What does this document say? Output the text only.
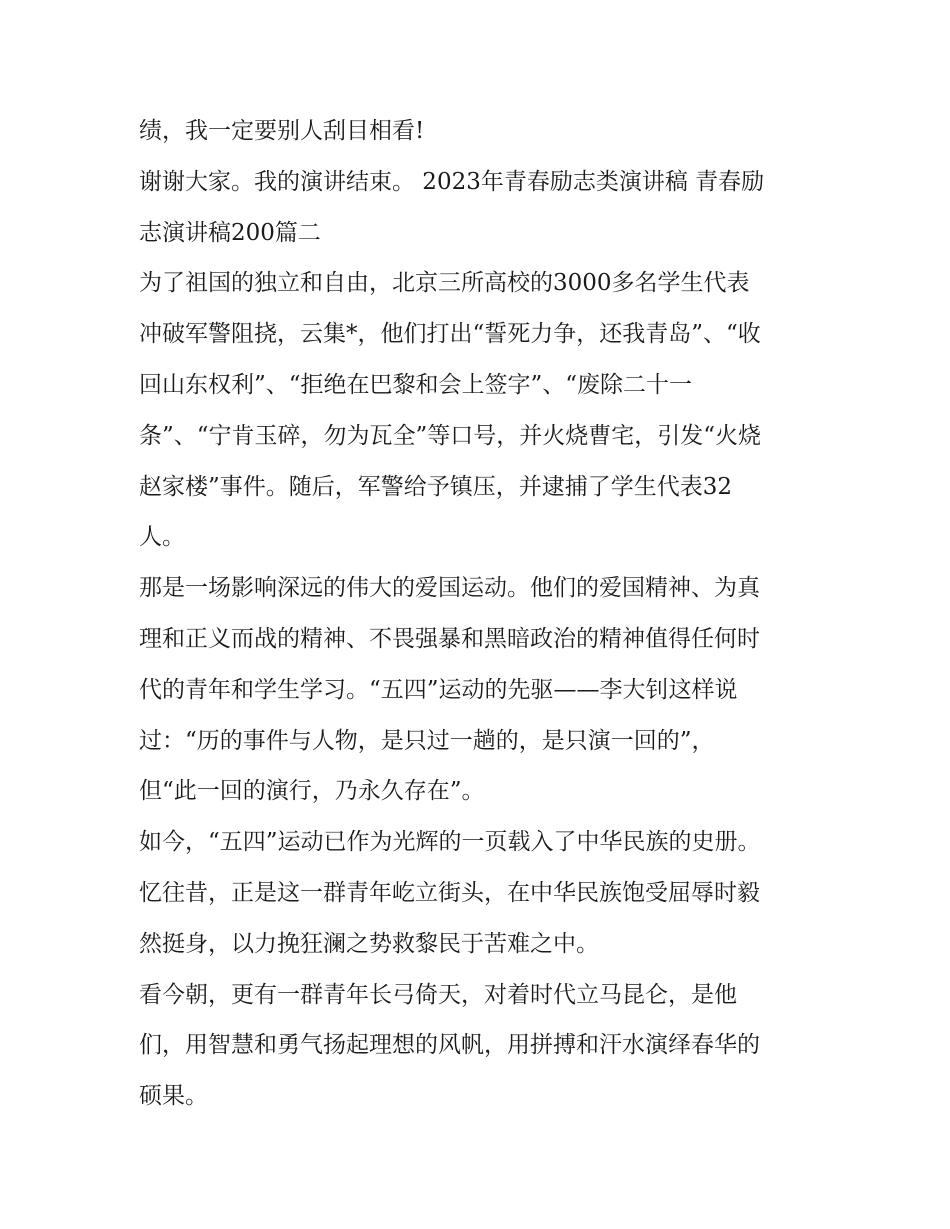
绩，我一定要别人刮目相看!
谢谢大家。我的演讲结束。 2023年青春励志类演讲稿 青春励
志演讲稿200篇二
为了祖国的独立和自由，北京三所高校的3000多名学生代表
冲破军警阻挠，云集*，他们打出“誓死力争，还我青岛”、“收
回山东权利”、“拒绝在巴黎和会上签字”、“废除二十一
条”、“宁肯玉碎，勿为瓦全”等口号，并火烧曹宅，引发“火烧
赵家楼”事件。随后，军警给予镇压，并逮捕了学生代表32
人。
那是一场影响深远的伟大的爱国运动。他们的爱国精神、为真
理和正义而战的精神、不畏强暴和黑暗政治的精神值得任何时
代的青年和学生学习。“五四”运动的先驱——李大钊这样说
过：“历的事件与人物，是只过一趟的，是只演一回的”，
但“此一回的演行，乃永久存在”。
如今，“五四”运动已作为光辉的一页载入了中华民族的史册。
忆往昔，正是这一群青年屹立街头，在中华民族饱受屈辱时毅
然挺身，以力挽狂澜之势救黎民于苦难之中。
看今朝，更有一群青年长弓倚天，对着时代立马昆仑，是他
们，用智慧和勇气扬起理想的风帆，用拼搏和汗水演绎春华的
硕果。
